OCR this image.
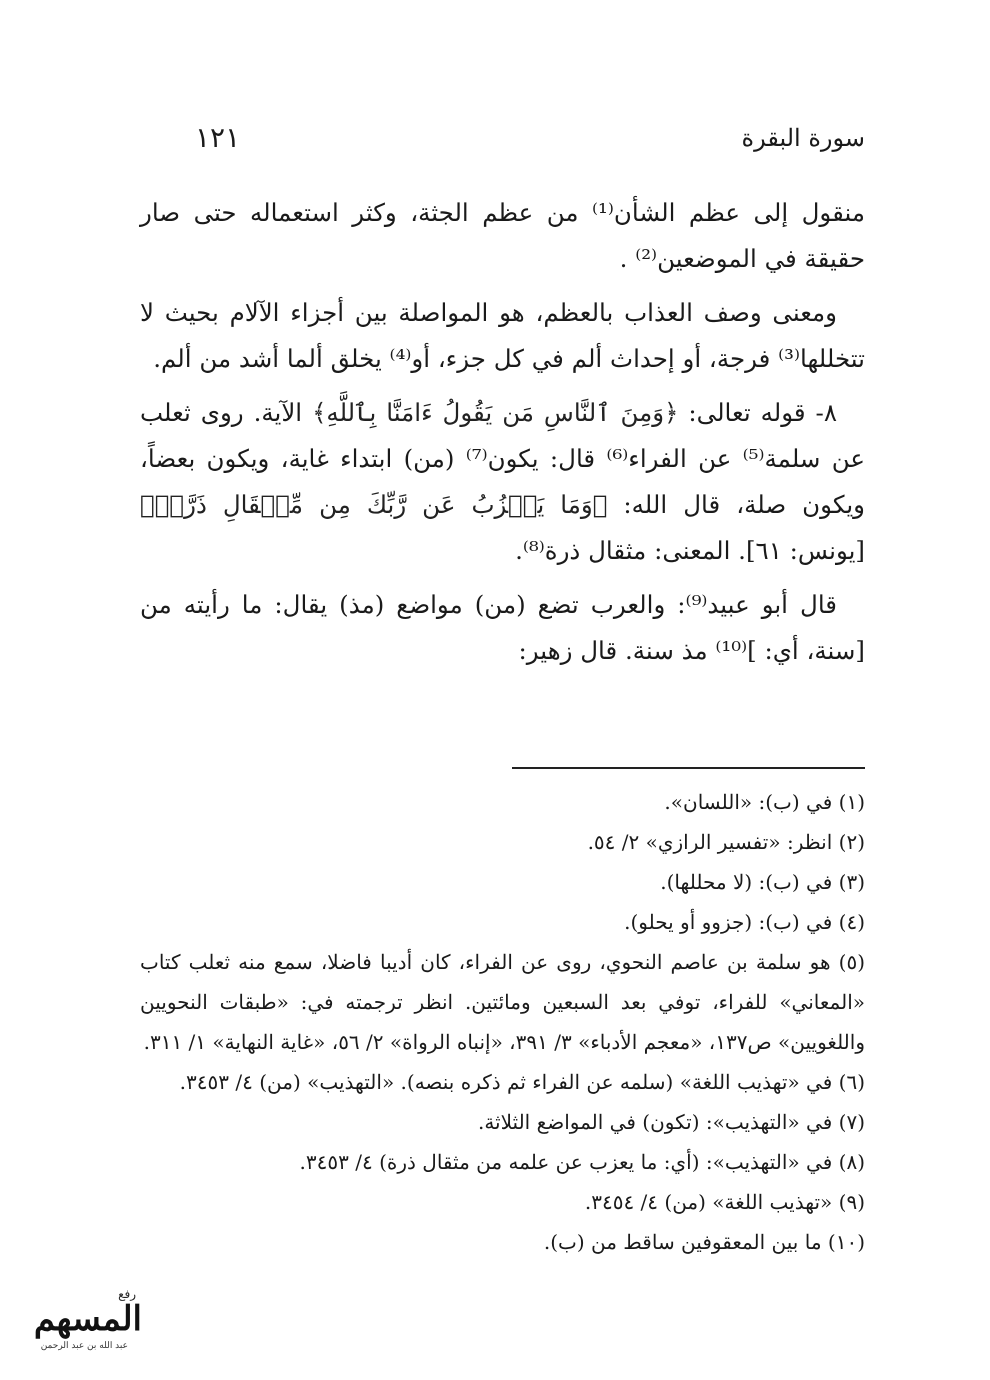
سورة البقرة
١٢١

منقول إلى عظم الشأن⁽¹⁾ من عظم الجثة، وكثر استعماله حتى صار حقيقة في الموضعين⁽²⁾ .

ومعنى وصف العذاب بالعظم، هو المواصلة بين أجزاء الآلام بحيث لا تتخللها⁽³⁾ فرجة، أو إحداث ألم في كل جزء، أو⁽⁴⁾ يخلق ألما أشد من ألم.

٨- قوله تعالى: ﴿وَمِنَ ٱلنَّاسِ مَن يَقُولُ ءَامَنَّا بِٱللَّهِ﴾ الآية. روى ثعلب عن سلمة⁽⁵⁾ عن الفراء⁽⁶⁾ قال: يكون⁽⁷⁾ (من) ابتداء غاية، ويكون بعضاً، ويكون صلة، قال الله: ﴿وَمَا يَعۡزُبُ عَن رَّبِّكَ مِن مِّثۡقَالِ ذَرَّةٖ﴾ [يونس: ٦١]. المعنى: مثقال ذرة⁽⁸⁾.

قال أبو عبيد⁽⁹⁾: والعرب تضع (من) مواضع (مذ) يقال: ما رأيته من [سنة، أي: ]⁽¹⁰⁾ مذ سنة. قال زهير:

(١) في (ب): «اللسان».

(٢) انظر: «تفسير الرازي» ٢/ ٥٤.

(٣) في (ب): (لا محللها).

(٤) في (ب): (جزوو أو يحلو).

(٥) هو سلمة بن عاصم النحوي، روى عن الفراء، كان أديبا فاضلا، سمع منه ثعلب كتاب «المعاني» للفراء، توفي بعد السبعين ومائتين. انظر ترجمته في: «طبقات النحويين واللغويين» ص١٣٧، «معجم الأدباء» ٣/ ٣٩١، «إنباه الرواة» ٢/ ٥٦، «غاية النهاية» ١/ ٣١١.

(٦) في «تهذيب اللغة» (سلمه عن الفراء ثم ذكره بنصه). «التهذيب» (من) ٤/ ٣٤٥٣.

(٧) في «التهذيب»: (تكون) في المواضع الثلاثة.

(٨) في «التهذيب»: (أي: ما يعزب عن علمه من مثقال ذرة) ٤/ ٣٤٥٣.

(٩) «تهذيب اللغة» (من) ٤/ ٣٤٥٤.

(١٠) ما بين المعقوفين ساقط من (ب).

رفع
المسهم
عبد الله بن عبد الرحمن
